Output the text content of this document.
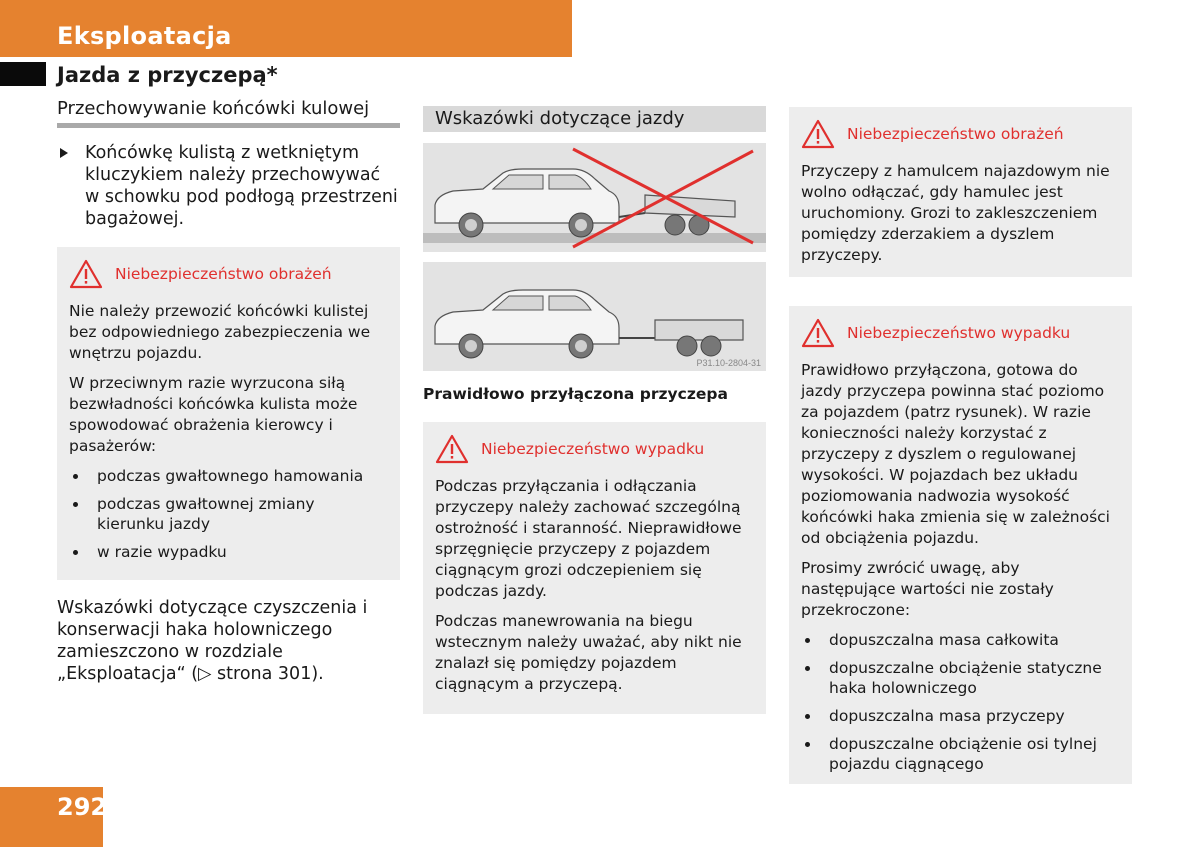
Eksploatacja
Jazda z przyczepą*
Przechowywanie końcówki kulowej
Końcówkę kulistą z wetkniętym kluczykiem należy przechowywać w schowku pod podłogą przestrzeni bagażowej.
Niebezpieczeństwo obrażeń

Nie należy przewozić końcówki kulistej bez odpowiedniego zabezpieczenia we wnętrzu pojazdu.

W przeciwnym razie wyrzucona siłą bezwładności końcówka kulista może spowodować obrażenia kierowcy i pasażerów:

podczas gwałtownego hamowania
podczas gwałtownej zmiany kierunku jazdy
w razie wypadku

Wskazówki dotyczące czyszczenia i konserwacji haka holowniczego zamieszczono w rozdziale „Eksploatacja“ (▷ strona 301).

Wskazówki dotyczące jazdy
P31.10-2804-31
Prawidłowo przyłączona przyczepa
Niebezpieczeństwo wypadku

Podczas przyłączania i odłączania przyczepy należy zachować szczególną ostrożność i staranność. Nieprawidłowe sprzęgnięcie przyczepy z pojazdem ciągnącym grozi odczepieniem się podczas jazdy.

Podczas manewrowania na biegu wstecznym należy uważać, aby nikt nie znalazł się pomiędzy pojazdem ciągnącym a przyczepą.

Niebezpieczeństwo obrażeń

Przyczepy z hamulcem najazdowym nie wolno odłączać, gdy hamulec jest uruchomiony. Grozi to zakleszczeniem pomiędzy zderzakiem a dyszlem przyczepy.

Niebezpieczeństwo wypadku

Prawidłowo przyłączona, gotowa do jazdy przyczepa powinna stać poziomo za pojazdem (patrz rysunek). W razie konieczności należy korzystać z przyczepy z dyszlem o regulowanej wysokości. W pojazdach bez układu poziomowania nadwozia wysokość końcówki haka zmienia się w zależności od obciążenia pojazdu.

Prosimy zwrócić uwagę, aby następujące wartości nie zostały przekroczone:

dopuszczalna masa całkowita
dopuszczalne obciążenie statyczne haka holowniczego
dopuszczalna masa przyczepy
dopuszczalne obciążenie osi tylnej pojazdu ciągnącego
292
